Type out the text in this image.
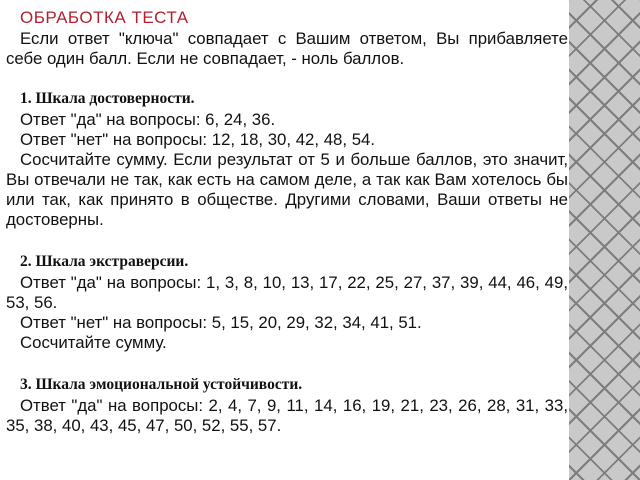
ОБРАБОТКА ТЕСТА

Если ответ "ключа" совпадает с Вашим ответом, Вы прибавляете себе один балл. Если не совпадает, - ноль баллов.

1. Шкала достоверности.

Ответ "да" на вопросы: 6, 24, 36.

Ответ "нет" на вопросы: 12, 18, 30, 42, 48, 54.

Сосчитайте сумму. Если результат от 5 и больше баллов, это значит, Вы отвечали не так, как есть на самом деле, а так как Вам хотелось бы или так, как принято в обществе. Другими словами, Ваши ответы не достоверны.

2. Шкала экстраверсии.

Ответ "да" на вопросы: 1, 3, 8, 10, 13, 17, 22, 25, 27, 37, 39, 44, 46, 49, 53, 56.

Ответ "нет" на вопросы: 5, 15, 20, 29, 32, 34, 41, 51.

Сосчитайте сумму.

3. Шкала эмоциональной устойчивости.

Ответ "да" на вопросы: 2, 4, 7, 9, 11, 14, 16, 19, 21, 23, 26, 28, 31, 33, 35, 38, 40, 43, 45, 47, 50, 52, 55, 57.
